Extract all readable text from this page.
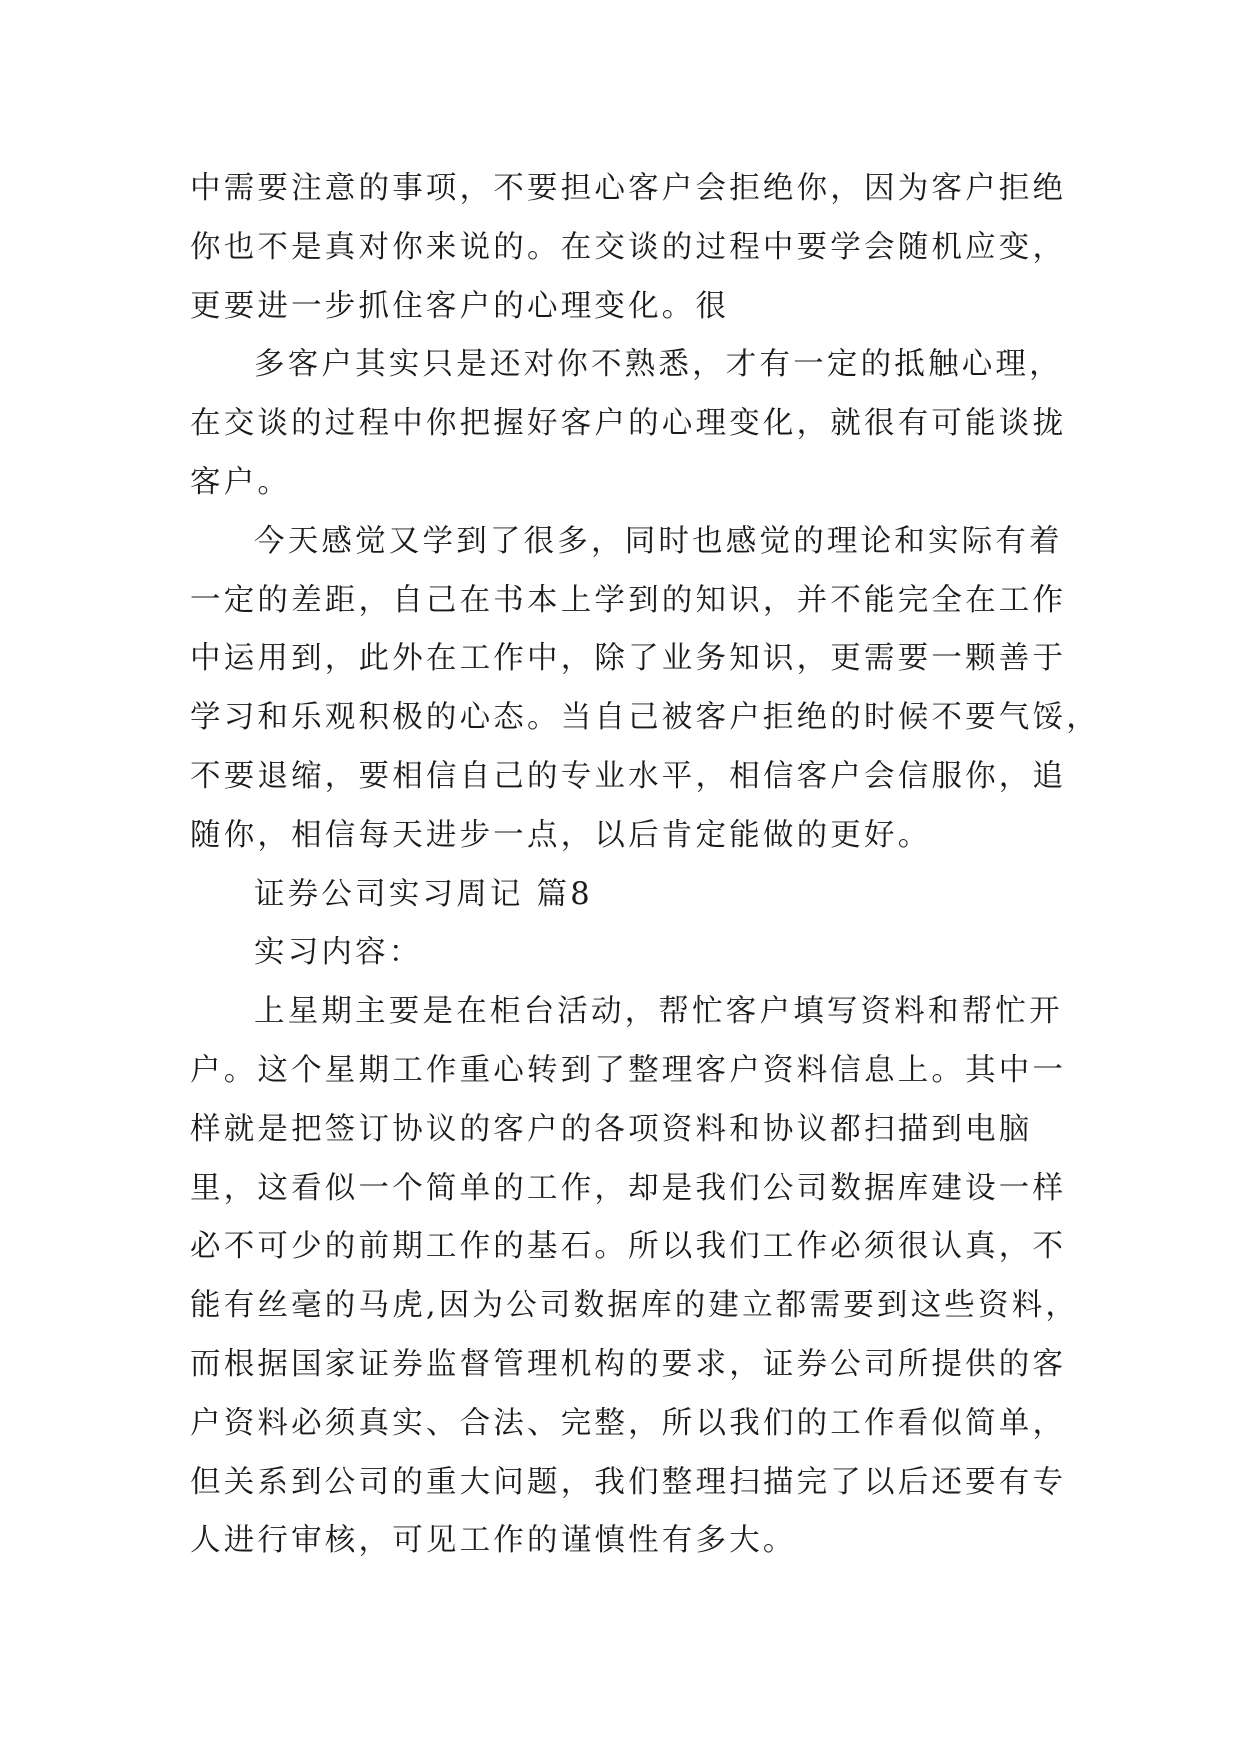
中需要注意的事项，不要担心客户会拒绝你，因为客户拒绝
你也不是真对你来说的。在交谈的过程中要学会随机应变，
更要进一步抓住客户的心理变化。很
多客户其实只是还对你不熟悉，才有一定的抵触心理，
在交谈的过程中你把握好客户的心理变化，就很有可能谈拢
客户。
今天感觉又学到了很多，同时也感觉的理论和实际有着
一定的差距，自己在书本上学到的知识，并不能完全在工作
中运用到，此外在工作中，除了业务知识，更需要一颗善于
学习和乐观积极的心态。当自己被客户拒绝的时候不要气馁，
不要退缩，要相信自己的专业水平，相信客户会信服你，追
随你，相信每天进步一点，以后肯定能做的更好。
证券公司实习周记 篇8
实习内容：
上星期主要是在柜台活动，帮忙客户填写资料和帮忙开
户。这个星期工作重心转到了整理客户资料信息上。其中一
样就是把签订协议的客户的各项资料和协议都扫描到电脑
里，这看似一个简单的工作，却是我们公司数据库建设一样
必不可少的前期工作的基石。所以我们工作必须很认真，不
能有丝毫的马虎,因为公司数据库的建立都需要到这些资料，
而根据国家证券监督管理机构的要求，证券公司所提供的客
户资料必须真实、合法、完整，所以我们的工作看似简单，
但关系到公司的重大问题，我们整理扫描完了以后还要有专
人进行审核，可见工作的谨慎性有多大。
